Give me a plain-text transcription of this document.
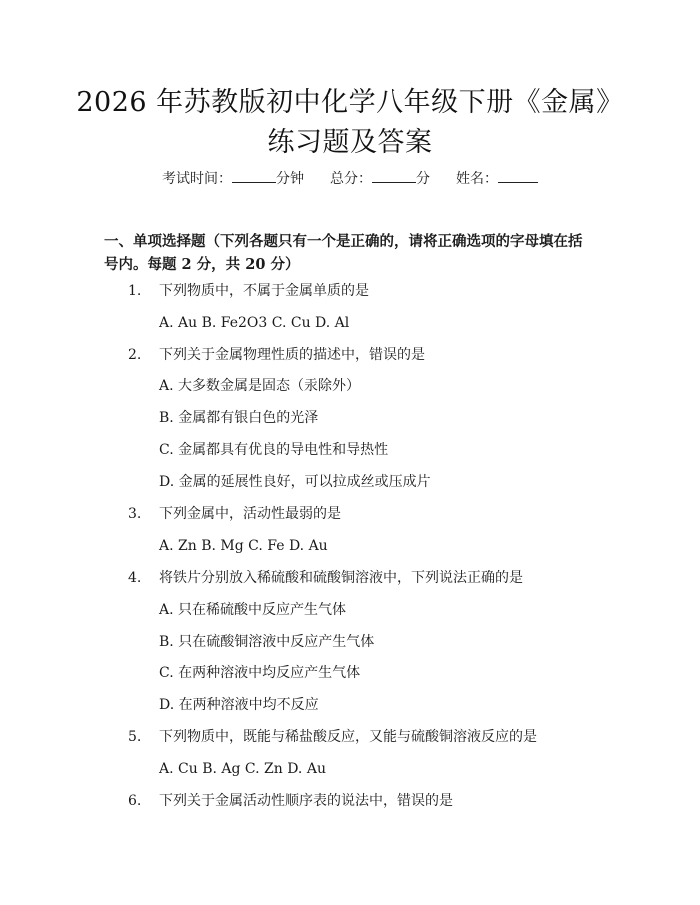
2026 年苏教版初中化学八年级下册《金属》
练习题及答案
考试时间：	分钟 总分：	分 姓名：
一、单项选择题（下列各题只有一个是正确的，请将正确选项的字母填在括号内。每题 2 分，共 20 分）
1.	下列物质中，不属于金属单质的是
A. Au B. Fe2O3 C. Cu D. Al
2.	下列关于金属物理性质的描述中，错误的是
A. 大多数金属是固态（汞除外）
B. 金属都有银白色的光泽
C. 金属都具有优良的导电性和导热性
D. 金属的延展性良好，可以拉成丝或压成片
3.	下列金属中，活动性最弱的是
A. Zn B. Mg C. Fe D. Au
4.	将铁片分别放入稀硫酸和硫酸铜溶液中，下列说法正确的是
A. 只在稀硫酸中反应产生气体
B. 只在硫酸铜溶液中反应产生气体
C. 在两种溶液中均反应产生气体
D. 在两种溶液中均不反应
5.	下列物质中，既能与稀盐酸反应，又能与硫酸铜溶液反应的是
A. Cu B. Ag C. Zn D. Au
6.	下列关于金属活动性顺序表的说法中，错误的是
